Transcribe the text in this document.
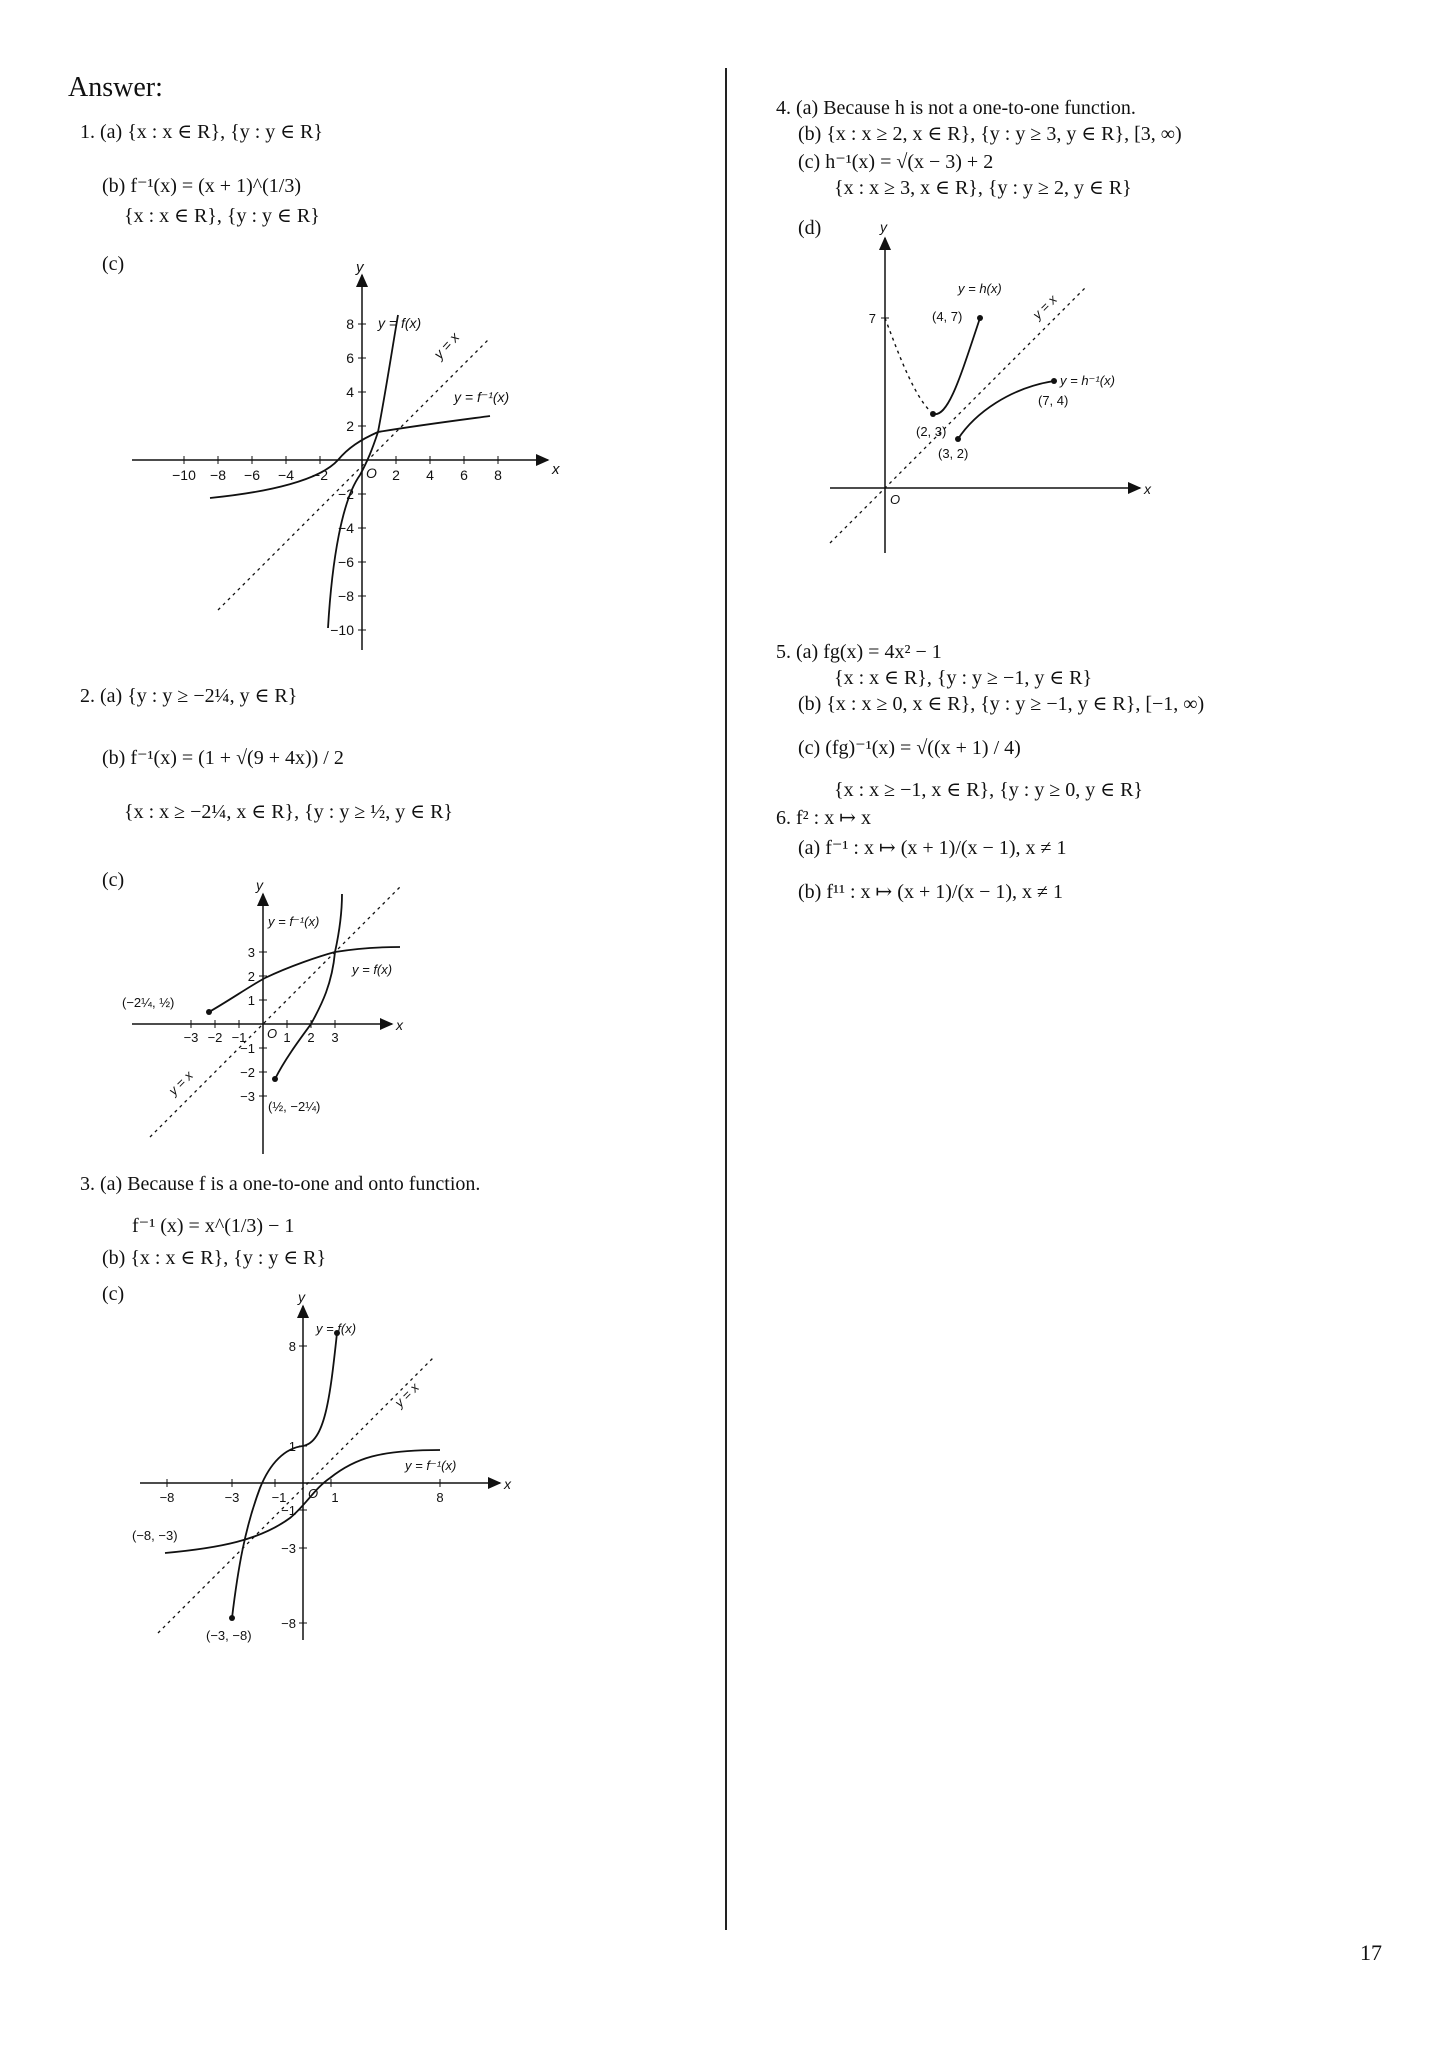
Answer:
1. (a) {x : x ∈ R}, {y : y ∈ R}
(b) f⁻¹(x) = (x + 1)^(1/3)
{x : x ∈ R}, {y : y ∈ R}
(c)
x
y
O
−10 −8 −6 −4 −2	2 4 6 8
8
6
4
2
−2
−4
−6
−8
−10
y = f(x)
y = f⁻¹(x)
y = x
2. (a) {y : y ≥ −2¼, y ∈ R}
(b) f⁻¹(x) = (1 + √(9 + 4x)) / 2
{x : x ≥ −2¼, x ∈ R}, {y : y ≥ ½, y ∈ R}
(c)
x
y
O
−3 −2 −1	1 2 3
3
2
1
−1
−2
−3
y = f⁻¹(x)
y = f(x)
(−2¼, ½)
(½, −2¼)
y = x
3. (a) Because f is a one-to-one and onto function.
f⁻¹ (x) = x^(1/3) − 1
(b) {x : x ∈ R}, {y : y ∈ R}
(c)
x
y
O
−8	−3 −1	1	8
8
1
−1
−3
−8
y = f(x)
y = f⁻¹(x)
(−8, −3)
(−3, −8)
y = x
4. (a) Because h is not a one-to-one function.
(b) {x : x ≥ 2, x ∈ R}, {y : y ≥ 3, y ∈ R}, [3, ∞)
(c) h⁻¹(x) = √(x − 3) + 2
{x : x ≥ 3, x ∈ R}, {y : y ≥ 2, y ∈ R}
(d)
x
y
O
7
y = h(x)
y = h⁻¹(x)
(4, 7)
(2, 3)
(3, 2)
(7, 4)
y = x
5. (a) fg(x) = 4x² − 1
{x : x ∈ R}, {y : y ≥ −1, y ∈ R}
(b) {x : x ≥ 0, x ∈ R}, {y : y ≥ −1, y ∈ R}, [−1, ∞)
(c) (fg)⁻¹(x) = √((x + 1) / 4)
{x : x ≥ −1, x ∈ R}, {y : y ≥ 0, y ∈ R}
6. f² : x ↦ x
(a) f⁻¹ : x ↦ (x + 1)/(x − 1), x ≠ 1
(b) f¹¹ : x ↦ (x + 1)/(x − 1), x ≠ 1
17
